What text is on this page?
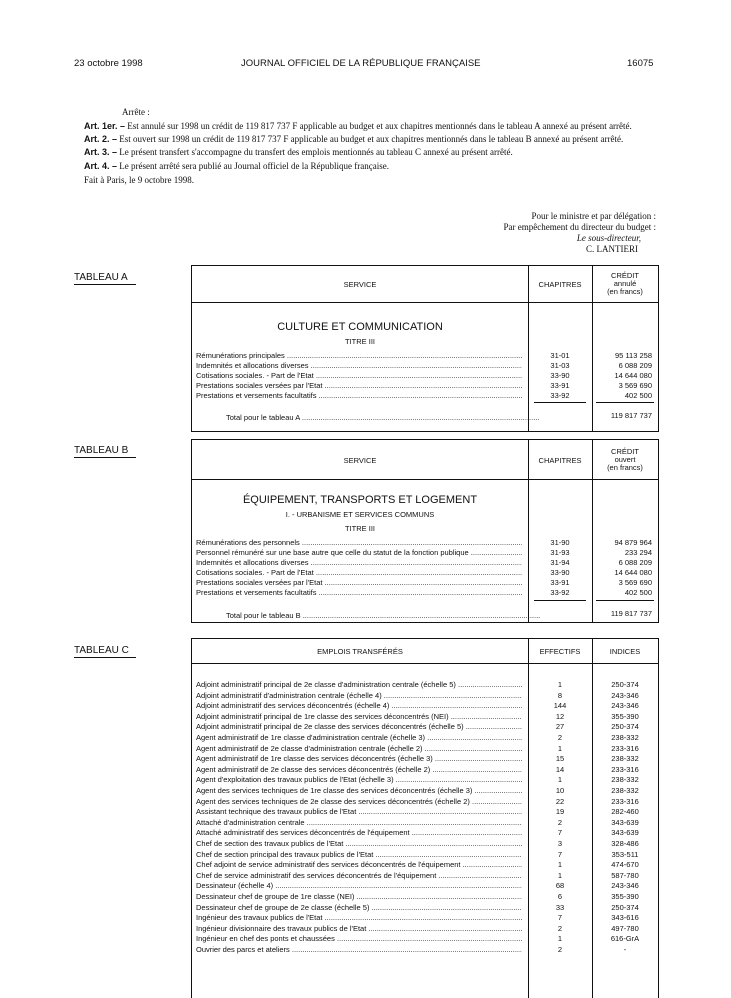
23 octobre 1998	JOURNAL OFFICIEL DE LA RÉPUBLIQUE FRANÇAISE	16075

Arrête :

Art. 1er. – Est annulé sur 1998 un crédit de 119 817 737 F applicable au budget et aux chapitres mentionnés dans le tableau A annexé au présent arrêté.

Art. 2. – Est ouvert sur 1998 un crédit de 119 817 737 F applicable au budget et aux chapitres mentionnés dans le tableau B annexé au présent arrêté.

Art. 3. – Le présent transfert s'accompagne du transfert des emplois mentionnés au tableau C annexé au présent arrêté.

Art. 4. – Le présent arrêté sera publié au Journal officiel de la République française.

Fait à Paris, le 9 octobre 1998.

Pour le ministre et par délégation :
Par empêchement du directeur du budget :
Le sous-directeur,
C. LANTIERI
TABLEAU A
SERVICE	CHAPITRES
CRÉDIT
annulé
(en francs)
CULTURE ET COMMUNICATION
TITRE III
Rémunérations principales .....	31-01	95 113 258
Indemnités et allocations diverses .....	31-03	6 088 209
Cotisations sociales. - Part de l'Etat .....	33-90	14 644 080
Prestations sociales versées par l'Etat .....	33-91	3 569 690
Prestations et versements facultatifs .....	33-92	402 500
Total pour le tableau A ..................................................................................................................	119 817 737
TABLEAU B
SERVICE	CHAPITRES
CRÉDIT
ouvert
(en francs)
ÉQUIPEMENT, TRANSPORTS ET LOGEMENT
I. - URBANISME ET SERVICES COMMUNS
TITRE III
Rémunérations des personnels .....	31-90	94 879 964
Personnel rémunéré sur une base autre que celle du statut de la fonction publique .....	31-93	233 294
Indemnités et allocations diverses .....	31-94	6 088 209
Cotisations sociales. - Part de l'Etat .....	33-90	14 644 080
Prestations sociales versées par l'Etat .....	33-91	3 569 690
Prestations et versements facultatifs .....	33-92	402 500
Total pour le tableau B ..................................................................................................................	119 817 737
TABLEAU C	EMPLOIS TRANSFÉRÉS	EFFECTIFS	INDICES
Adjoint administratif principal de 2e classe d'administration centrale (échelle 5) .....	1	250-374
Adjoint administratif d'administration centrale (échelle 4) .....	8	243-346
Adjoint administratif des services déconcentrés (échelle 4) .....	144	243-346
Adjoint administratif principal de 1re classe des services déconcentrés (NEI) .....	12	355-390
Adjoint administratif principal de 2e classe des services déconcentrés (échelle 5) .....	27	250-374
Agent administratif de 1re classe d'administration centrale (échelle 3) .....	2	238-332
Agent administratif de 2e classe d'administration centrale (échelle 2) .....	1	233-316
Agent administratif de 1re classe des services déconcentrés (échelle 3) .....	15	238-332
Agent administratif de 2e classe des services déconcentrés (échelle 2) .....	14	233-316
Agent d'exploitation des travaux publics de l'Etat (échelle 3) .....	1	238-332
Agent des services techniques de 1re classe des services déconcentrés (échelle 3) .....	10	238-332
Agent des services techniques de 2e classe des services déconcentrés (échelle 2) .....	22	233-316
Assistant technique des travaux publics de l'Etat .....	19	282-460
Attaché d'administration centrale .....	2	343-639
Attaché administratif des services déconcentrés de l'équipement .....	7	343-639
Chef de section des travaux publics de l'Etat .....	3	328-486
Chef de section principal des travaux publics de l'Etat .....	7	353-511
Chef adjoint de service administratif des services déconcentrés de l'équipement .....	1	474-670
Chef de service administratif des services déconcentrés de l'équipement .....	1	587-780
Dessinateur (échelle 4) .....	68	243-346
Dessinateur chef de groupe de 1re classe (NEI) .....	6	355-390
Dessinateur chef de groupe de 2e classe (échelle 5) .....	33	250-374
Ingénieur des travaux publics de l'Etat .....	7	343-616
Ingénieur divisionnaire des travaux publics de l'Etat .....	2	497-780
Ingénieur en chef des ponts et chaussées .....	1	616-GrA
Ouvrier des parcs et ateliers .....	2	-
